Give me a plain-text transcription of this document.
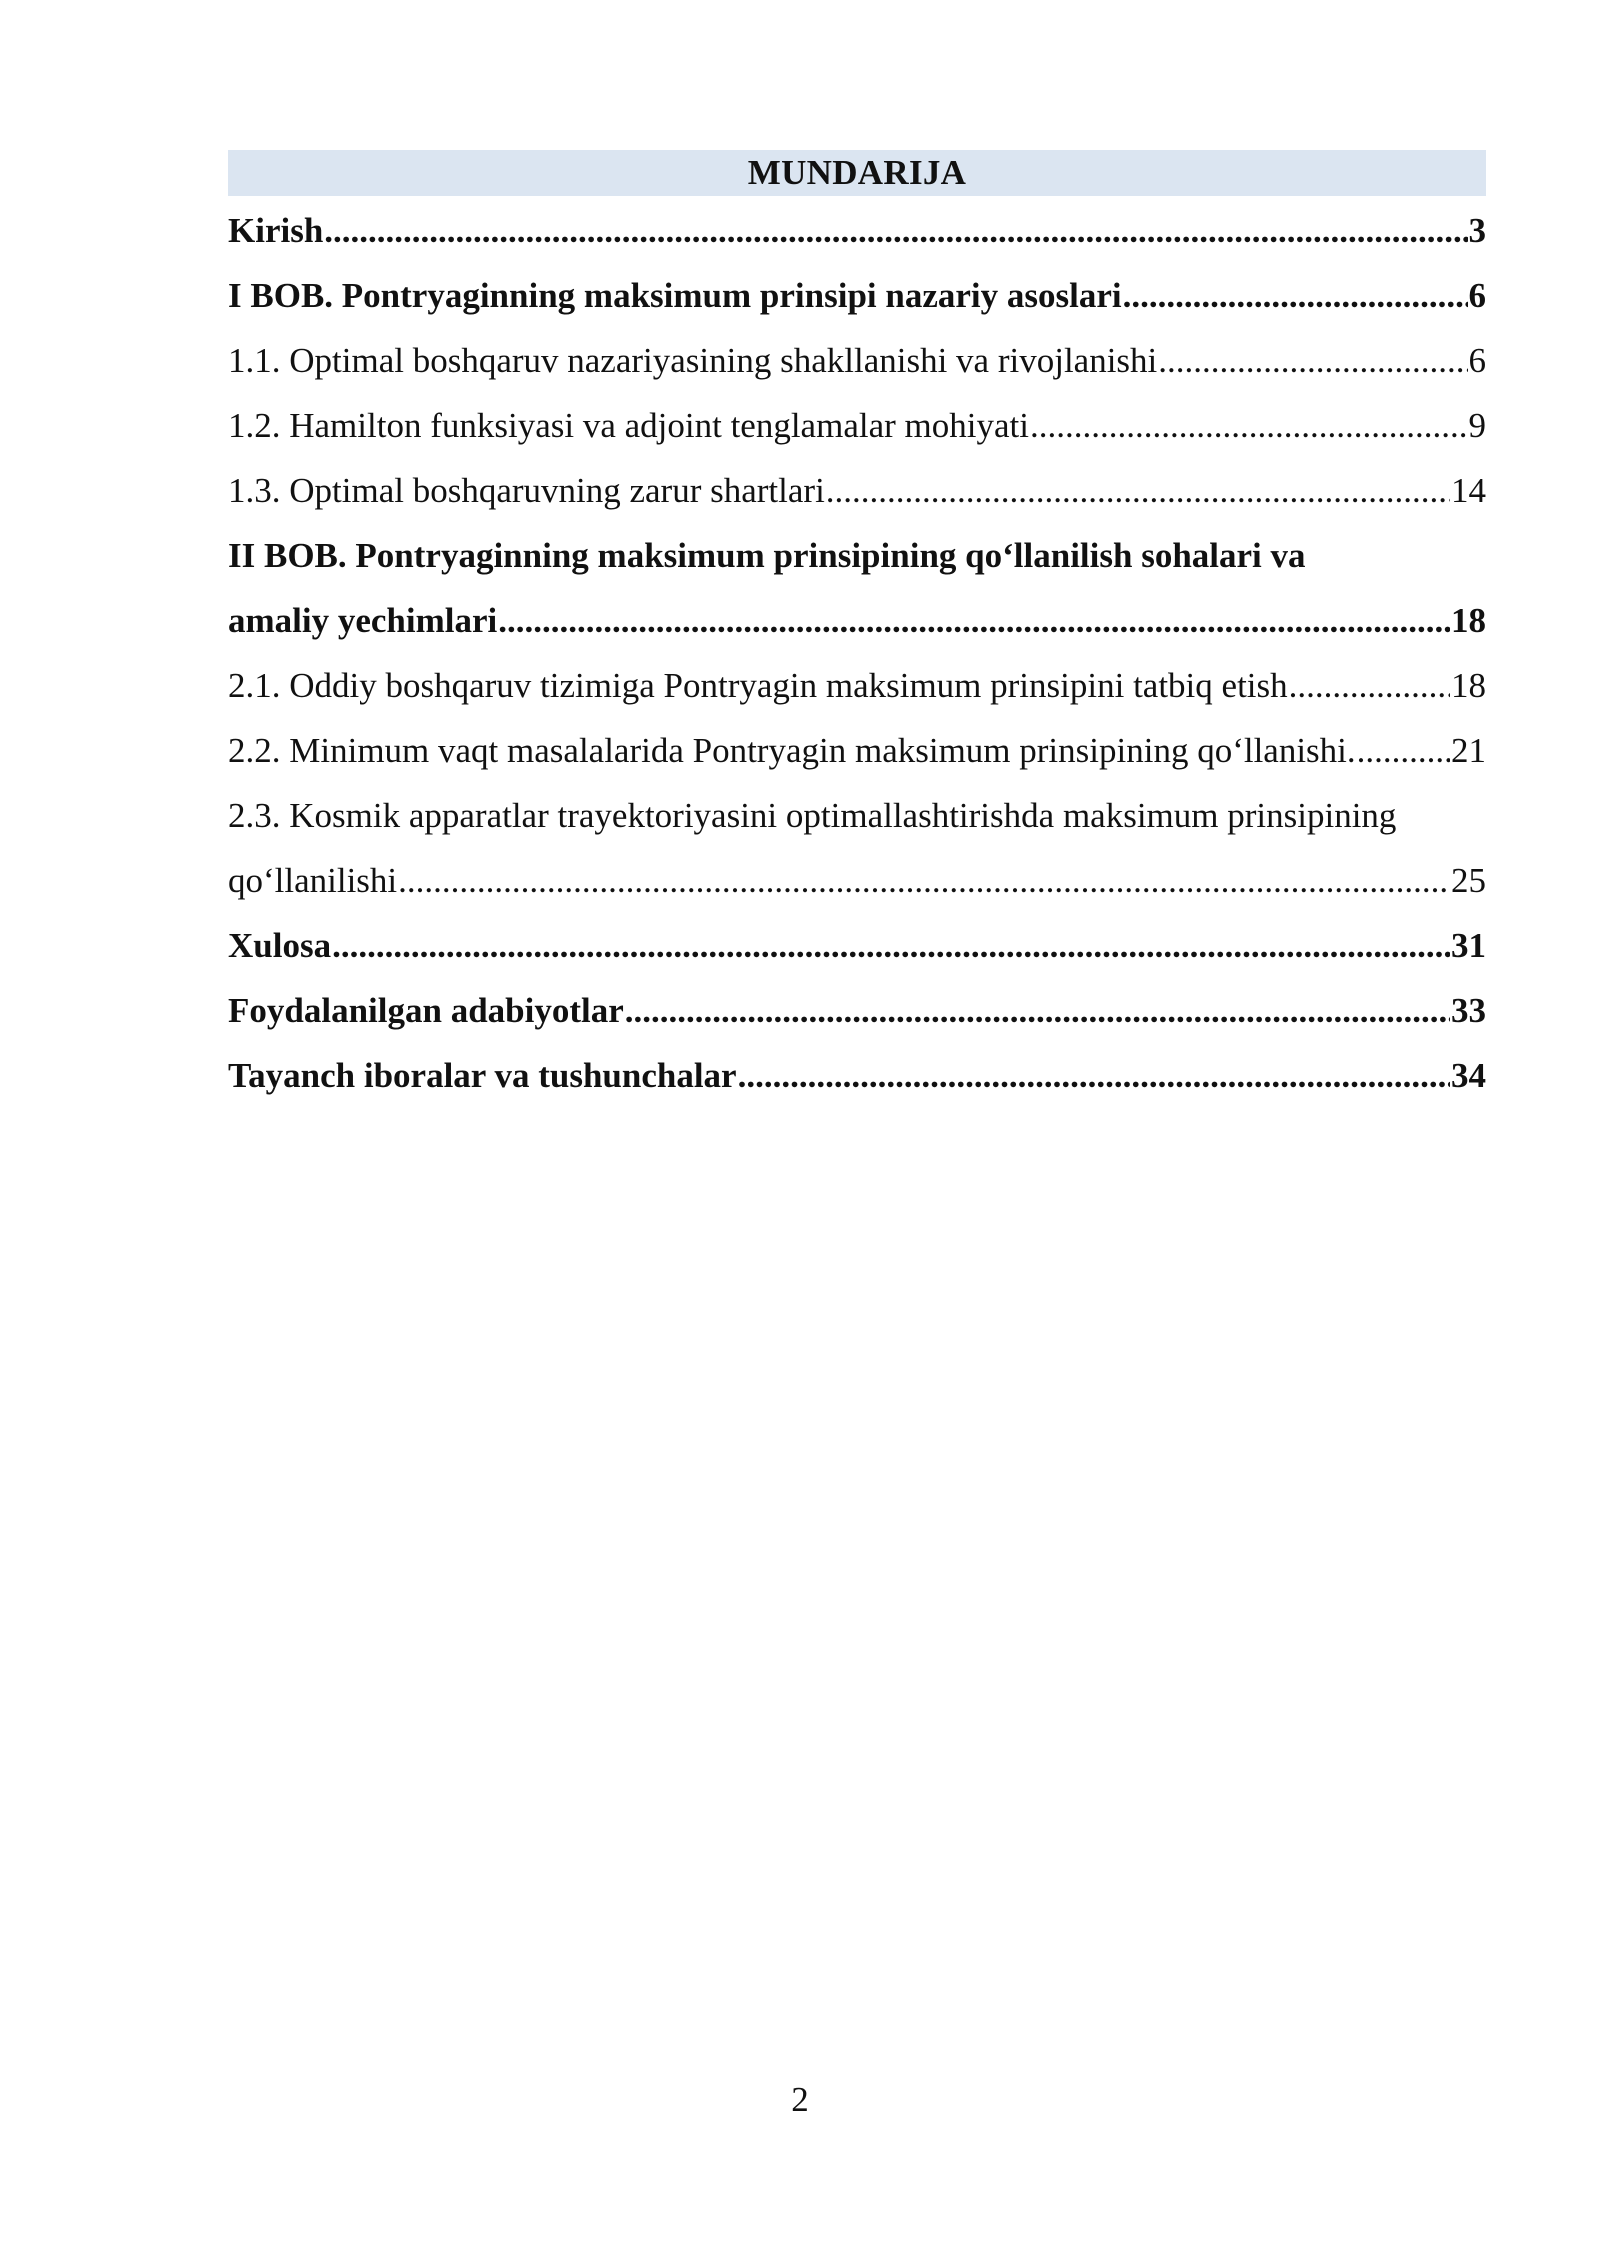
MUNDARIJA
Kirish .....	3
I BOB. Pontryaginning maksimum prinsipi nazariy asoslari .....	6
1.1. Optimal boshqaruv nazariyasining shakllanishi va rivojlanishi .....	6
1.2. Hamilton funksiyasi va adjoint tenglamalar mohiyati .....	9
1.3. Optimal boshqaruvning zarur shartlari .....	14
II BOB. Pontryaginning maksimum prinsipining qo‘llanilish sohalari va
amaliy yechimlari .....	18
2.1. Oddiy boshqaruv tizimiga Pontryagin maksimum prinsipini tatbiq etish .....	18
2.2. Minimum vaqt masalalarida Pontryagin maksimum prinsipining qo‘llanishi. .....	21
2.3. Kosmik apparatlar trayektoriyasini optimallashtirishda maksimum prinsipining
qo‘llanilishi .....	25
Xulosa .....	31
Foydalanilgan adabiyotlar .....	33
Tayanch iboralar va tushunchalar .....	34
2
